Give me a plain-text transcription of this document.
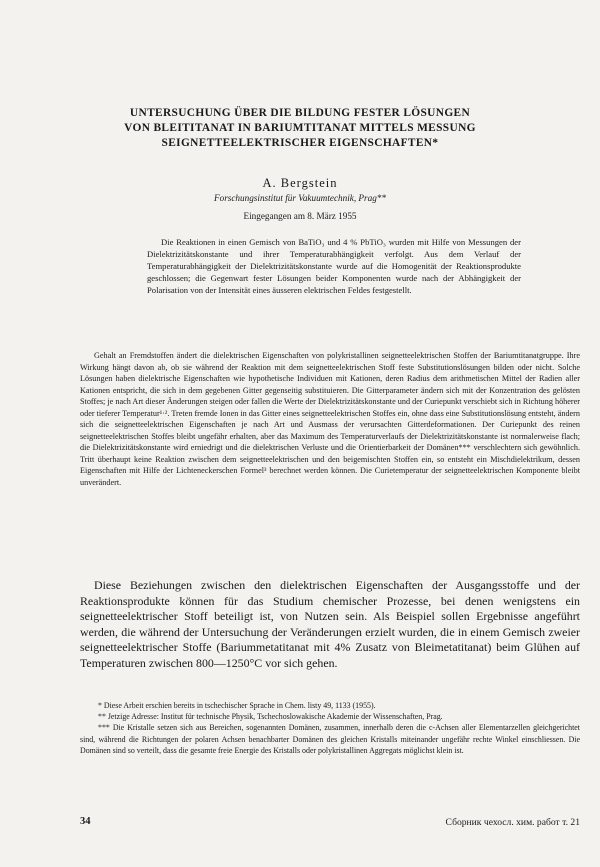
UNTERSUCHUNG ÜBER DIE BILDUNG FESTER LÖSUNGEN
VON BLEITITANAT IN BARIUMTITANAT MITTELS MESSUNG
SEIGNETTEELEKTRISCHER EIGENSCHAFTEN*
A. Bergstein
Forschungsinstitut für Vakuumtechnik, Prag**
Eingegangen am 8. März 1955

Die Reaktionen in einen Gemisch von BaTiO₃ und 4 % PbTiO₃ wurden mit Hilfe von Messungen der Dielektrizitätskonstante und ihrer Temperaturabhängigkeit verfolgt. Aus dem Verlauf der Temperaturabhängigkeit der Dielektrizitätskonstante wurde auf die Homogenität der Reaktionsprodukte geschlossen; die Gegenwart fester Lösungen beider Komponenten wurde nach der Abhängigkeit der Polarisation von der Intensität eines äusseren elektrischen Feldes festgestellt.

Gehalt an Fremdstoffen ändert die dielektrischen Eigenschaften von polykristallinen seignetteelektrischen Stoffen der Bariumtitanatgruppe. Ihre Wirkung hängt davon ab, ob sie während der Reaktion mit dem seignetteelektrischen Stoff feste Substitutionslösungen bilden oder nicht. Solche Lösungen haben dielektrische Eigenschaften wie hypothetische Individuen mit Kationen, deren Radius dem arithmetischen Mittel der Radien aller Kationen entspricht, die sich in dem gegebenen Gitter gegenseitig substituieren. Die Gitterparameter ändern sich mit der Konzentration des gelösten Stoffes; je nach Art dieser Änderungen steigen oder fallen die Werte der Dielektrizitätskonstante und der Curiepunkt verschiebt sich in Richtung höherer oder tieferer Temperatur¹·². Treten fremde Ionen in das Gitter eines seignetteelektrischen Stoffes ein, ohne dass eine Substitutionslösung entsteht, ändern sich die seignetteelektrischen Eigenschaften je nach Art und Ausmass der verursachten Gitterdeformationen. Der Curiepunkt des reinen seignetteelektrischen Stoffes bleibt ungefähr erhalten, aber das Maximum des Temperaturverlaufs der Dielektrizitätskonstante ist normalerweise flach; die Dielektrizitätskonstante wird erniedrigt und die dielektrischen Verluste und die Orientierbarkeit der Domänen*** verschlechtern sich gewöhnlich. Tritt überhaupt keine Reaktion zwischen dem seignetteelektrischen und den beigemischten Stoffen ein, so entsteht ein Mischdielektrikum, dessen Eigenschaften mit Hilfe der Lichteneckerschen Formel³ berechnet werden können. Die Curietemperatur der seignetteelektrischen Komponente bleibt unverändert.

Diese Beziehungen zwischen den dielektrischen Eigenschaften der Ausgangsstoffe und der Reaktionsprodukte können für das Studium chemischer Prozesse, bei denen wenigstens ein seignetteelektrischer Stoff beteiligt ist, von Nutzen sein. Als Beispiel sollen Ergebnisse angeführt werden, die während der Untersuchung der Veränderungen erzielt wurden, die in einem Gemisch zweier seignetteelektrischer Stoffe (Bariummetatitanat mit 4% Zusatz von Bleimetatitanat) beim Glühen auf Temperaturen zwischen 800—1250°C vor sich gehen.

* Diese Arbeit erschien bereits in tschechischer Sprache in Chem. listy 49, 1133 (1955).

** Jetzige Adresse: Institut für technische Physik, Tschechoslowakische Akademie der Wissenschaften, Prag.

*** Die Kristalle setzen sich aus Bereichen, sogenannten Domänen, zusammen, innerhalb deren die c-Achsen aller Elementarzellen gleichgerichtet sind, während die Richtungen der polaren Achsen benachbarter Domänen des gleichen Kristalls miteinander ungefähr rechte Winkel einschliessen. Die Domänen sind so verteilt, dass die gesamte freie Energie des Kristalls oder polykristallinen Aggregats möglichst klein ist.

34	Сборник чехосл. хим. работ т. 21
